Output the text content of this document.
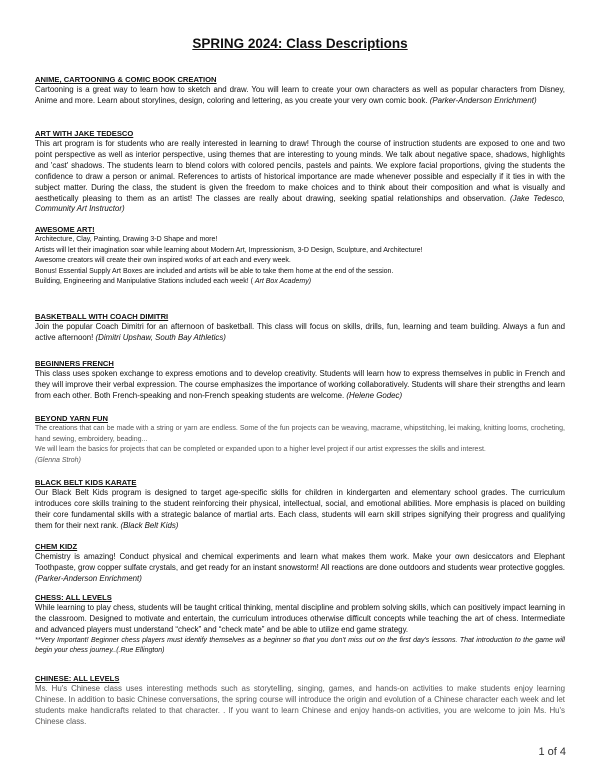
SPRING 2024: Class Descriptions

ANIME, CARTOONING & COMIC BOOK CREATION

Cartooning is a great way to learn how to sketch and draw. You will learn to create your own characters as well as popular characters from Disney, Anime and more. Learn about storylines, design, coloring and lettering, as you create your very own comic book. (Parker-Anderson Enrichment)

ART WITH JAKE TEDESCO

This art program is for students who are really interested in learning to draw! Through the course of instruction students are exposed to one and two point perspective as well as interior perspective, using themes that are interesting to young minds. We talk about negative space, shadows, highlights and 'cast' shadows. The students learn to blend colors with colored pencils, pastels and paints. We explore facial proportions, giving the students the confidence to draw a person or animal. References to artists of historical importance are made whenever possible and especially if it ties in with the subject matter. During the class, the student is given the freedom to make choices and to think about their composition and what is visually and aesthetically pleasing to them as an artist! The classes are really about drawing, seeking spatial relationships and observation. (Jake Tedesco, Community Art Instructor)

AWESOME ART!

Architecture, Clay, Painting, Drawing 3-D Shape and more!

Artists will let their imagination soar while learning about Modern Art, Impressionism, 3-D Design, Sculpture, and Architecture!

Awesome creators will create their own inspired works of art each and every week.

Bonus! Essential Supply Art Boxes are included and artists will be able to take them home at the end of the session.

Building, Engineering and Manipulative Stations included each week! ( Art Box Academy)

BASKETBALL WITH COACH DIMITRI

Join the popular Coach Dimitri for an afternoon of basketball. This class will focus on skills, drills, fun, learning and team building. Always a fun and active afternoon! (Dimitri Upshaw, South Bay Athletics)

BEGINNERS FRENCH

This class uses spoken exchange to express emotions and to develop creativity. Students will learn how to express themselves in public in French and they will improve their verbal expression. The course emphasizes the importance of working collaboratively. Students will share their strengths and learn from each other. Both French-speaking and non-French speaking students are welcome. (Helene Godec)

BEYOND YARN FUN

The creations that can be made with a string or yarn are endless. Some of the fun projects can be weaving, macrame, whipstitching, lei making, knitting looms, crocheting, hand sewing, embroidery, beading...

We will learn the basics for projects that can be completed or expanded upon to a higher level project if our artist expresses the skills and interest.

(Glenna Stroh)

BLACK BELT KIDS KARATE

Our Black Belt Kids program is designed to target age-specific skills for children in kindergarten and elementary school grades. The curriculum introduces core skills training to the student reinforcing their physical, intellectual, social, and emotional abilities. More emphasis is placed on building their core fundamental skills with a strategic balance of martial arts. Each class, students will earn skill stripes signifying their progress and qualifying them for their next rank. (Black Belt Kids)

CHEM KIDZ

Chemistry is amazing! Conduct physical and chemical experiments and learn what makes them work. Make your own desiccators and Elephant Toothpaste, grow copper sulfate crystals, and get ready for an instant snowstorm! All reactions are done outdoors and students wear protective goggles. (Parker-Anderson Enrichment)

CHESS: ALL LEVELS

While learning to play chess, students will be taught critical thinking, mental discipline and problem solving skills, which can positively impact learning in the classroom. Designed to motivate and entertain, the curriculum introduces otherwise difficult concepts while teaching the art of chess. Intermediate and advanced players must understand “check” and “check mate” and be able to utilize end game strategy.

**Very Important! Beginner chess players must identify themselves as a beginner so that you don't miss out on the first day's lessons. That introduction to the game will begin your chess journey..(.Rue Ellington)

CHINESE: ALL LEVELS

Ms. Hu's Chinese class uses interesting methods such as storytelling, singing, games, and hands-on activities to make students enjoy learning Chinese. In addition to basic Chinese conversations, the spring course will introduce the origin and evolution of a Chinese character each week and let students make handicrafts related to that character. . If you want to learn Chinese and enjoy hands-on activities, you are welcome to join Ms. Hu's Chinese class.

1 of 4
